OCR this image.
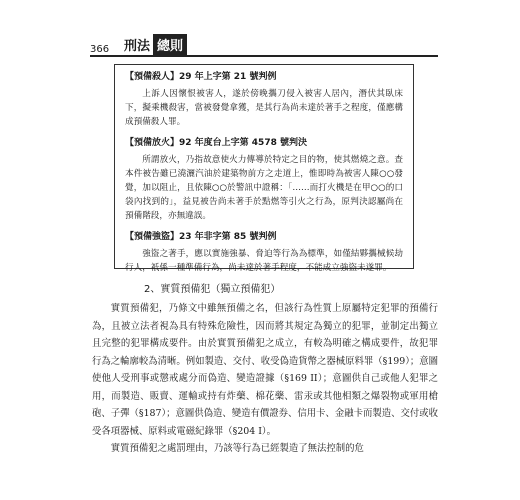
366 刑法 總則
【預備殺人】29 年上字第 21 號判例

上訴人因懷恨被害人，遂於傍晚攜刀侵入被害人居內，潛伏其臥床下，擬乘機殺害，當被發覺拿獲，是其行為尚未達於著手之程度，僅應構成預備殺人罪。

【預備放火】92 年度台上字第 4578 號判決

所謂放火，乃指故意使火力傳導於特定之目的物，使其燃燒之意。查本件被告雖已澆灑汽油於建築物前方之走道上，惟即時為被害人陳○○發覺，加以阻止，且依陳○○於警訊中證稱：「……而打火機是在甲○○的口袋內找到的」，益見被告尚未著手於點燃等引火之行為，原判決認屬尚在預備階段，亦無違誤。

【預備強盜】23 年非字第 85 號判例

強盜之著手，應以實施強暴、脅迫等行為為標準，如僅結夥攜械候劫行人，祇係一種準備行為，尚未達於著手程度，不能成立強盜未遂罪。

2、實質預備犯（獨立預備犯）

實質預備犯，乃條文中雖無預備之名，但該行為性質上原屬特定犯罪的預備行為，且被立法者視為具有特殊危險性，因而將其規定為獨立的犯罪，並制定出獨立且完整的犯罪構成要件。由於實質預備犯之成立，有較為明確之構成要件，故犯罪行為之輪廓較為清晰。例如製造、交付、收受偽造貨幣之器械原料罪（§199）；意圖使他人受刑事或懲戒處分而偽造、變造證據（§169 II）；意圖供自己或他人犯罪之用，而製造、販賣、運輸或持有炸藥、棉花藥、雷汞或其他相類之爆裂物或軍用槍砲、子彈（§187）；意圖供偽造、變造有價證券、信用卡、金融卡而製造、交付或收受各項器械、原料或電磁紀錄罪（§204 I）。

實質預備犯之處罰理由，乃該等行為已經製造了無法控制的危
